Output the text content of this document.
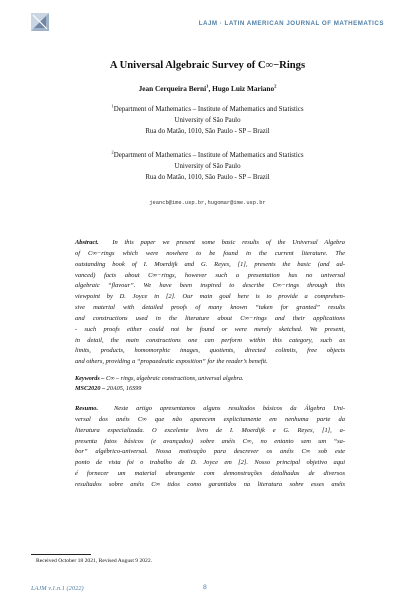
LAJM · LATIN AMERICAN JOURNAL OF MATHEMATICS
A Universal Algebraic Survey of C∞−Rings
Jean Cerqueira Berni$^1$, Hugo Luiz Mariano$^2$
$^1$Department of Mathematics – Institute of Mathematics and Statistics
University of São Paulo
Rua do Matão, 1010, São Paulo - SP – Brazil
$^2$Department of Mathematics – Institute of Mathematics and Statistics
University of São Paulo
Rua do Matão, 1010, São Paulo - SP – Brazil
jeancb@ime.usp.br,hugomar@ime.usp.br
Abstract. In this paper we present some basic results of the Universal Algebra
of C∞−rings which were nowhere to be found in the current literature. The
outstanding book of I. Moerdijk and G. Reyes, [1], presents the basic (and ad-
vanced) facts about C∞−rings, however such a presentation has no universal
algebraic “flavour”. We have been inspired to describe C∞−rings through this
viewpoint by D. Joyce in [2]. Our main goal here is to provide a comprehen-
sive material with detailed proofs of many known “taken for granted” results
and constructions used in the literature about C∞−rings and their applications
- such proofs either could not be found or were merely sketched. We present,
in detail, the main constructions one can perform within this category, such as
limits, products, homomorphic images, quotients, directed colimits, free objects
and others, providing a “propaedeutic exposition” for the reader’s benefit.
Keywords – C∞ – rings, algebraic constructions, universal algebra.
MSC2020 – 20A05, 16S99
Resumo. Neste artigo apresentamos alguns resultados básicos da Álgebra Uni-
versal dos anéis C∞ que não aparecem explicitamente em nenhuma parte da
literatura especializada. O excelente livro de I. Moerdijk e G. Reyes, [1], a-
presenta fatos básicos (e avançados) sobre anéis C∞, no entanto sem um “sa-
bor” algébrico-universal. Nossa motivação para descrever os anéis C∞ sob este
ponto de vista foi o trabalho de D. Joyce em [2]. Nosso principal objetivo aqui
é fornecer um material abrangente com demonstrações detalhadas de diversos
resultados sobre anéis C∞ tidos como garantidos na literatura sobre esses anéis
Received October 18 2021, Revised August 9 2022.
LAJM v.1.n.1 (2022)	8
